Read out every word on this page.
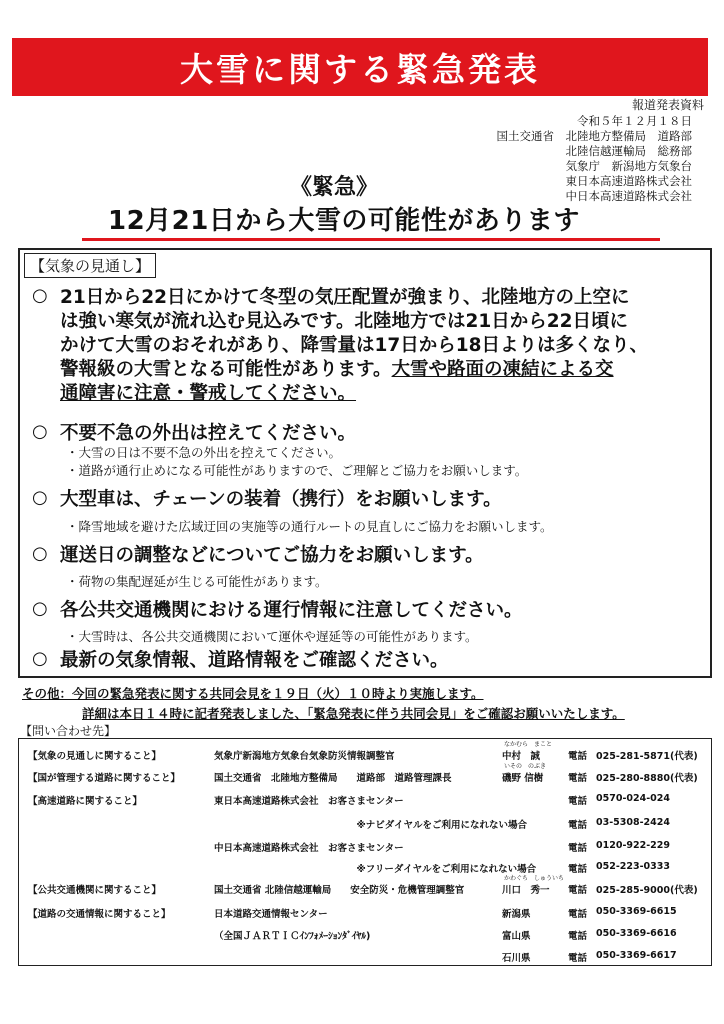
大雪に関する緊急発表
報道発表資料
令和５年１２月１８日
国土交通省　北陸地方整備局　道路部
北陸信越運輸局　総務部
気象庁　新潟地方気象台
東日本高速道路株式会社
中日本高速道路株式会社
《緊急》
12月21日から大雪の可能性があります
【気象の見通し】
○ 21日から22日にかけて冬型の気圧配置が強まり、北陸地方の上空に
は強い寒気が流れ込む見込みです。北陸地方では21日から22日頃に
かけて大雪のおそれがあり、降雪量は17日から18日よりは多くなり、
警報級の大雪となる可能性があります。大雪や路面の凍結による交
通障害に注意・警戒してください。
○ 不要不急の外出は控えてください。
・大雪の日は不要不急の外出を控えてください。
・道路が通行止めになる可能性がありますので、ご理解とご協力をお願いします。
○ 大型車は、チェーンの装着（携行）をお願いします。
・降雪地域を避けた広域迂回の実施等の通行ルートの見直しにご協力をお願いします。
○ 運送日の調整などについてご協力をお願いします。
・荷物の集配遅延が生じる可能性があります。
○ 各公共交通機関における運行情報に注意してください。
・大雪時は、各公共交通機関において運休や遅延等の可能性があります。
○ 最新の気象情報、道路情報をご確認ください。
その他：今回の緊急発表に関する共同会見を１９日（火）１０時より実施します。
詳細は本日１４時に記者発表しました、「緊急発表に伴う共同会見」をご確認お願いいたします。
【問い合わせ先】
【気象の見通しに関すること】	気象庁新潟地方気象台気象防災情報調整官
なかむら　まこと
中村　誠	電話 025-281-5871(代表)
【国が管理する道路に関すること】	国土交通省　北陸地方整備局　　道路部　道路管理課長
いその　のぶき
磯野 信樹	電話 025-280-8880(代表)
【高速道路に関すること】	東日本高速道路株式会社　お客さまセンター	電話 0570-024-024
　　　　　　　　　　　　　　　※ナビダイヤルをご利用になれない場合	電話 03-5308-2424
中日本高速道路株式会社　お客さまセンター	電話 0120-922-229
　　　　　　　　　　　　　　　※フリーダイヤルをご利用になれない場合	電話 052-223-0333
【公共交通機関に関すること】	国土交通省 北陸信越運輸局　　安全防災・危機管理調整官
かわぐち　しゅういち
川口　秀一 電話 025-285-9000(代表)
【道路の交通情報に関すること】	日本道路交通情報センター	新潟県	電話 050-3369-6615
（全国ＪＡＲＴＩＣｲﾝﾌｫﾒｰｼｮﾝﾀﾞｲﾔﾙ)	富山県	電話 050-3369-6616
石川県	電話 050-3369-6617
